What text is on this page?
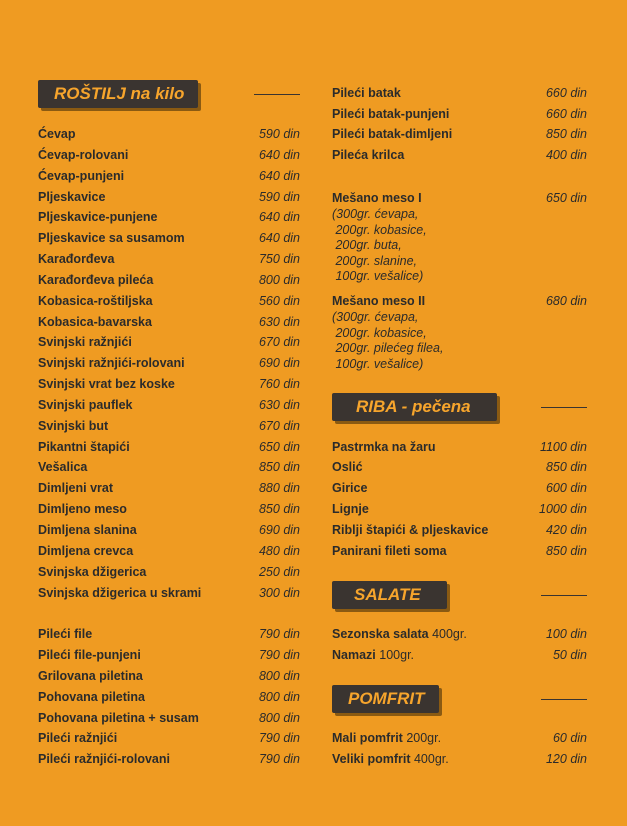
ROŠTILJ na kilo
Ćevap	590 din
Ćevap-rolovani	640 din
Ćevap-punjeni	640 din
Pljeskavice	590 din
Pljeskavice-punjene	640 din
Pljeskavice sa susamom	640 din
Karađorđeva	750 din
Karađorđeva pileća	800 din
Kobasica-roštiljska	560 din
Kobasica-bavarska	630 din
Svinjski ražnjići	670 din
Svinjski ražnjići-rolovani	690 din
Svinjski vrat bez koske	760 din
Svinjski pauflek	630 din
Svinjski but	670 din
Pikantni štapići	650 din
Vešalica	850 din
Dimljeni vrat	880 din
Dimljeno meso	850 din
Dimljena slanina	690 din
Dimljena crevca	480 din
Svinjska džigerica	250 din
Svinjska džigerica u skrami	300 din
Pileći file	790 din
Pileći file-punjeni	790 din
Grilovana piletina	800 din
Pohovana piletina	800 din
Pohovana piletina + susam	800 din
Pileći ražnjići	790 din
Pileći ražnjići-rolovani	790 din
Pileći batak	660 din
Pileći batak-punjeni	660 din
Pileći batak-dimljeni	850 din
Pileća krilca	400 din
Mešano meso I	650 din
(300gr. ćevapa,
200gr. kobasice,
200gr. buta,
200gr. slanine,
100gr. vešalice)
Mešano meso II	680 din
(300gr. ćevapa,
200gr. kobasice,
200gr. pilećeg filea,
100gr. vešalice)
RIBA - pečena
Pastrmka na žaru	1100 din
Oslić	850 din
Girice	600 din
Lignje	1000 din
Riblji štapići & pljeskavice	420 din
Panirani fileti soma	850 din
SALATE
Sezonska salata 400gr.	100 din
Namazi 100gr.	50 din
POMFRIT
Mali pomfrit 200gr.	60 din
Veliki pomfrit 400gr.	120 din
